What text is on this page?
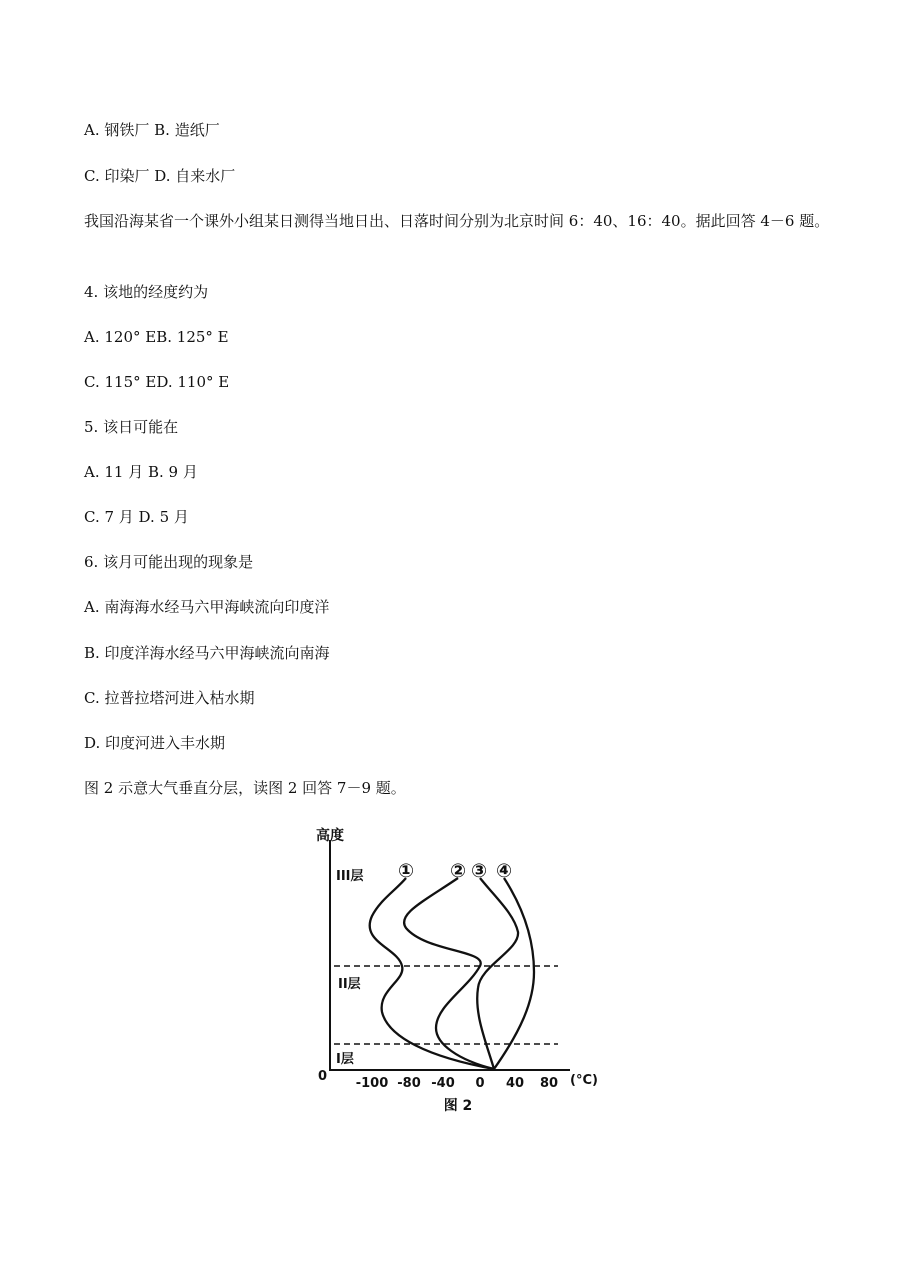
A. 钢铁厂 B. 造纸厂
C. 印染厂 D. 自来水厂
我国沿海某省一个课外小组某日测得当地日出、日落时间分别为北京时间 6：40、16：40。据此回答 4－6 题。
4. 该地的经度约为
A. 120° EB. 125° E
C. 115° ED. 110° E
5. 该日可能在
A. 11 月 B. 9 月
C. 7 月 D. 5 月
6. 该月可能出现的现象是
A. 南海海水经马六甲海峡流向印度洋
B. 印度洋海水经马六甲海峡流向南海
C. 拉普拉塔河进入枯水期
D. 印度河进入丰水期
图 2 示意大气垂直分层，读图 2 回答 7－9 题。
高度
III层
II层
I层
① ② ③ ④
0 -100 -80 -40 0 40 80 (°C)
图 2
